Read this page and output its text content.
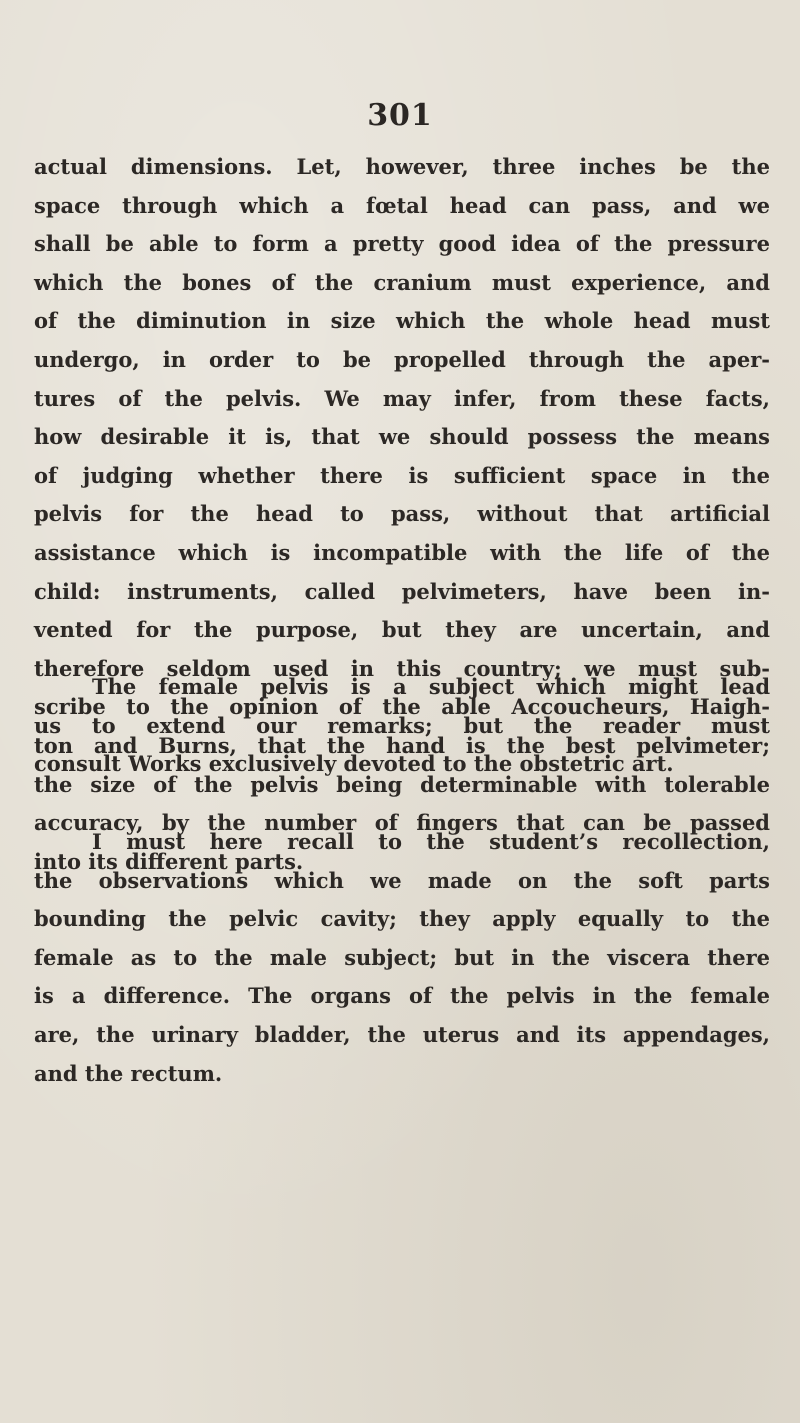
301
actual dimensions. Let, however, three inches be the
space through which a fœtal head can pass, and we
shall be able to form a pretty good idea of the pressure
which the bones of the cranium must experience, and
of the diminution in size which the whole head must
undergo, in order to be propelled through the aper-
tures of the pelvis. We may infer, from these facts,
how desirable it is, that we should possess the means
of judging whether there is sufficient space in the
pelvis for the head to pass, without that artificial
assistance which is incompatible with the life of the
child: instruments, called pelvimeters, have been in-
vented for the purpose, but they are uncertain, and
therefore seldom used in this country; we must sub-
scribe to the opinion of the able Accoucheurs, Haigh-
ton and Burns, that the hand is the best pelvimeter;
the size of the pelvis being determinable with tolerable
accuracy, by the number of fingers that can be passed
into its different parts.
The female pelvis is a subject which might lead
us to extend our remarks; but the reader must
consult Works exclusively devoted to the obstetric art.
I must here recall to the student’s recollection,
the observations which we made on the soft parts
bounding the pelvic cavity; they apply equally to the
female as to the male subject; but in the viscera there
is a difference. The organs of the pelvis in the female
are, the urinary bladder, the uterus and its appendages,
and the rectum.
